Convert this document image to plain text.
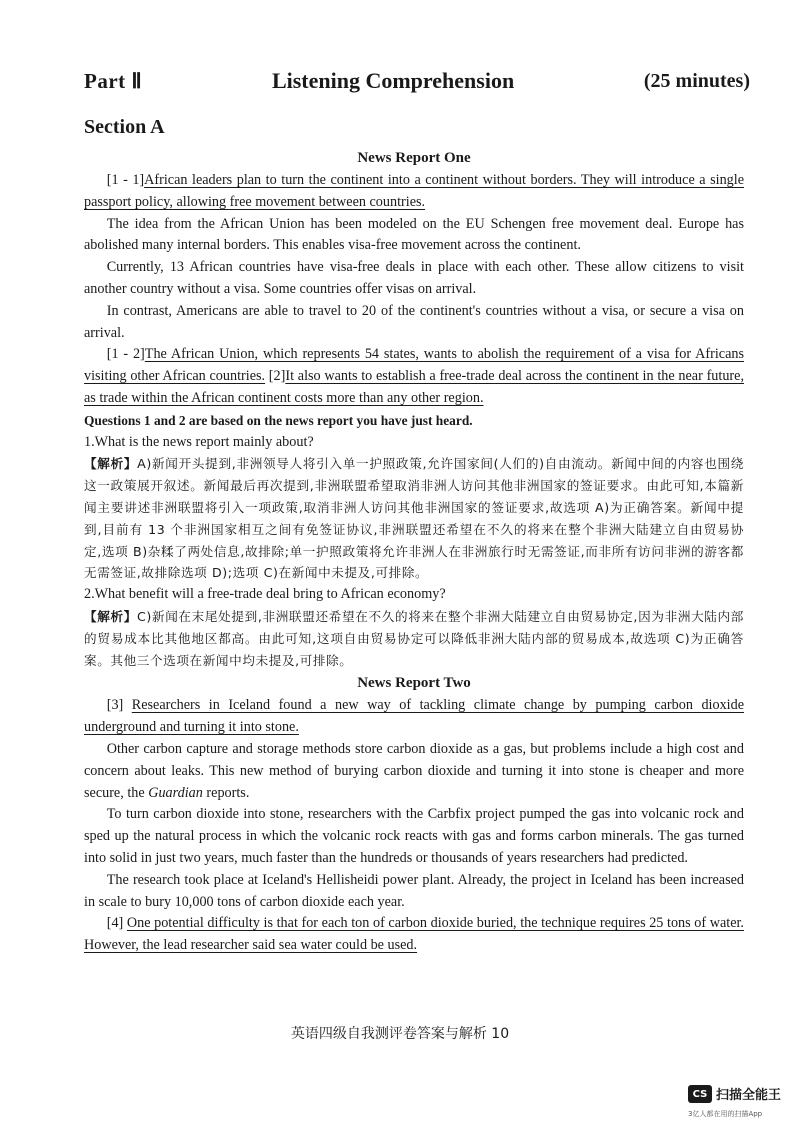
Part Ⅱ	Listening Comprehension	(25 minutes)
Section A
News Report One

[1 - 1]African leaders plan to turn the continent into a continent without borders. They will introduce a single passport policy, allowing free movement between countries.

The idea from the African Union has been modeled on the EU Schengen free movement deal. Europe has abolished many internal borders. This enables visa-free movement across the continent.

Currently, 13 African countries have visa-free deals in place with each other. These allow citizens to visit another country without a visa. Some countries offer visas on arrival.

In contrast, Americans are able to travel to 20 of the continent's countries without a visa, or secure a visa on arrival.

[1 - 2]The African Union, which represents 54 states, wants to abolish the requirement of a visa for Africans visiting other African countries. [2]It also wants to establish a free-trade deal across the continent in the near future, as trade within the African continent costs more than any other region.

Questions 1 and 2 are based on the news report you have just heard.

1.What is the news report mainly about?

【解析】A)新闻开头提到,非洲领导人将引入单一护照政策,允许国家间(人们的)自由流动。新闻中间的内容也围绕这一政策展开叙述。新闻最后再次提到,非洲联盟希望取消非洲人访问其他非洲国家的签证要求。由此可知,本篇新闻主要讲述非洲联盟将引入一项政策,取消非洲人访问其他非洲国家的签证要求,故选项 A)为正确答案。新闻中提到,目前有 13 个非洲国家相互之间有免签证协议,非洲联盟还希望在不久的将来在整个非洲大陆建立自由贸易协定,选项 B)杂糅了两处信息,故排除;单一护照政策将允许非洲人在非洲旅行时无需签证,而非所有访问非洲的游客都无需签证,故排除选项 D);选项 C)在新闻中未提及,可排除。

2.What benefit will a free-trade deal bring to African economy?

【解析】C)新闻在末尾处提到,非洲联盟还希望在不久的将来在整个非洲大陆建立自由贸易协定,因为非洲大陆内部的贸易成本比其他地区都高。由此可知,这项自由贸易协定可以降低非洲大陆内部的贸易成本,故选项 C)为正确答案。其他三个选项在新闻中均未提及,可排除。

News Report Two

[3] Researchers in Iceland found a new way of tackling climate change by pumping carbon dioxide underground and turning it into stone.

Other carbon capture and storage methods store carbon dioxide as a gas, but problems include a high cost and concern about leaks. This new method of burying carbon dioxide and turning it into stone is cheaper and more secure, the Guardian reports.

To turn carbon dioxide into stone, researchers with the Carbfix project pumped the gas into volcanic rock and sped up the natural process in which the volcanic rock reacts with gas and forms carbon minerals. The gas turned into solid in just two years, much faster than the hundreds or thousands of years researchers had predicted.

The research took place at Iceland's Hellisheidi power plant. Already, the project in Iceland has been increased in scale to bury 10,000 tons of carbon dioxide each year.

[4] One potential difficulty is that for each ton of carbon dioxide buried, the technique requires 25 tons of water. However, the lead researcher said sea water could be used.

英语四级自我测评卷答案与解析 10
CS 扫描全能王
3亿人都在用的扫描App
